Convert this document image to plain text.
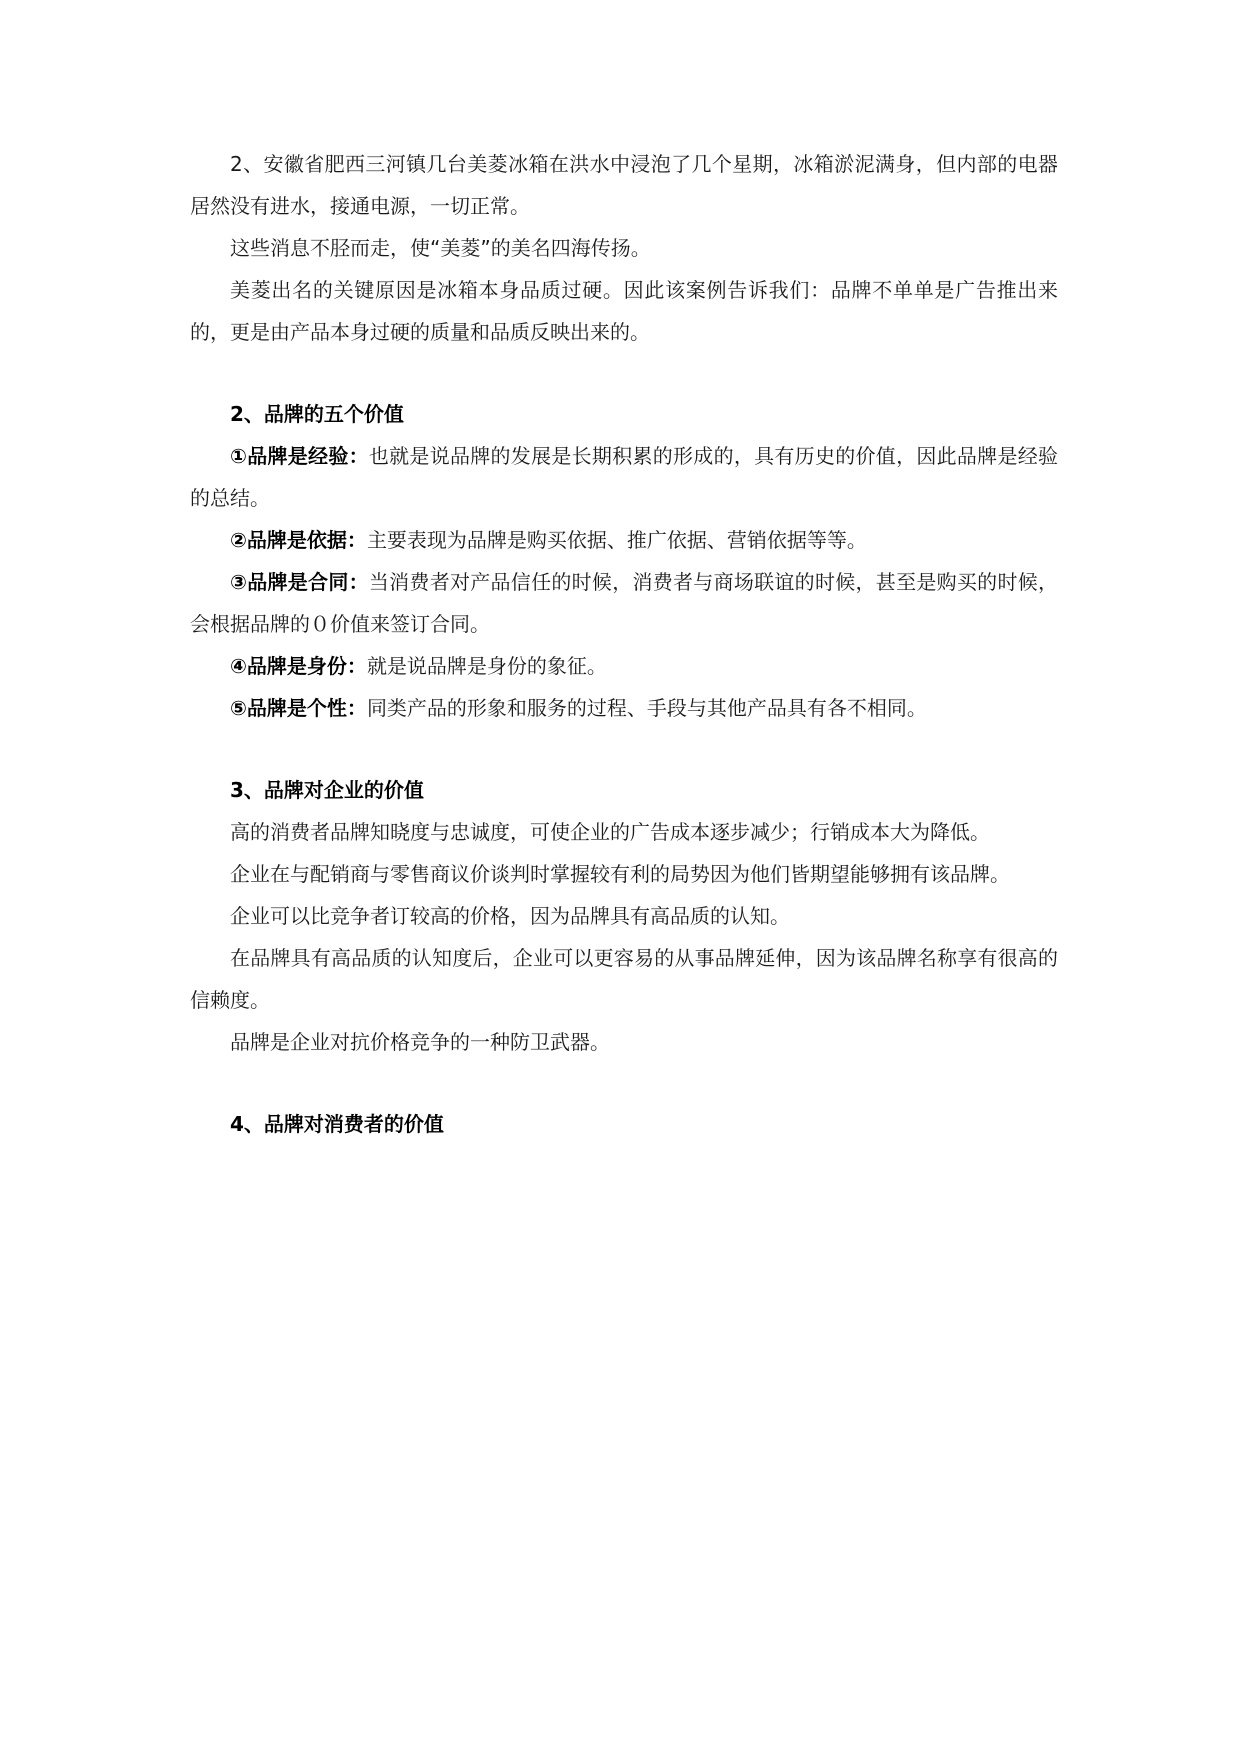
2、安徽省肥西三河镇几台美菱冰箱在洪水中浸泡了几个星期，冰箱淤泥满身，但内部的电器居然没有进水，接通电源，一切正常。

这些消息不胫而走，使“美菱”的美名四海传扬。

美菱出名的关键原因是冰箱本身品质过硬。因此该案例告诉我们：品牌不单单是广告推出来的，更是由产品本身过硬的质量和品质反映出来的。

2、品牌的五个价值

①品牌是经验：也就是说品牌的发展是长期积累的形成的，具有历史的价值，因此品牌是经验的总结。

②品牌是依据：主要表现为品牌是购买依据、推广依据、营销依据等等。

③品牌是合同：当消费者对产品信任的时候，消费者与商场联谊的时候，甚至是购买的时候，会根据品牌的０价值来签订合同。

④品牌是身份：就是说品牌是身份的象征。

⑤品牌是个性：同类产品的形象和服务的过程、手段与其他产品具有各不相同。

3、品牌对企业的价值

高的消费者品牌知晓度与忠诚度，可使企业的广告成本逐步减少；行销成本大为降低。

企业在与配销商与零售商议价谈判时掌握较有利的局势因为他们皆期望能够拥有该品牌。

企业可以比竞争者订较高的价格，因为品牌具有高品质的认知。

在品牌具有高品质的认知度后，企业可以更容易的从事品牌延伸，因为该品牌名称享有很高的信赖度。

品牌是企业对抗价格竞争的一种防卫武器。

4、品牌对消费者的价值
